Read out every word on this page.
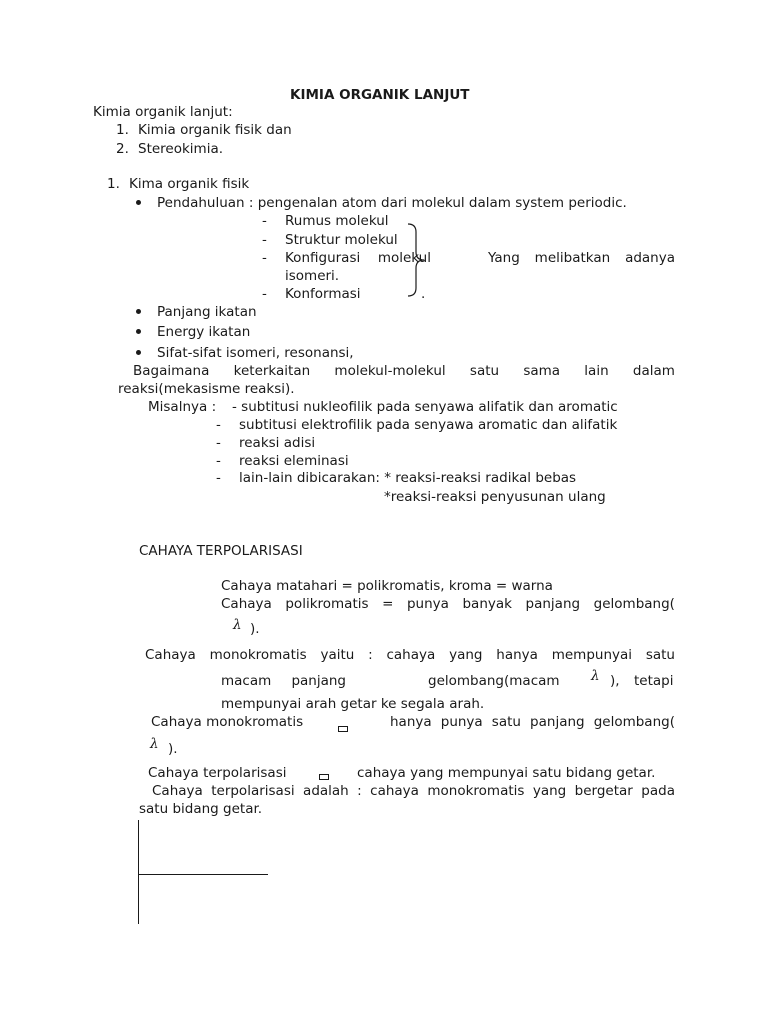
KIMIA ORGANIK LANJUT
Kimia organik lanjut:
1. Kimia organik fisik dan
2. Stereokimia.
1. Kima organik fisik
Pendahuluan : pengenalan atom dari molekul dalam system periodic.
- Rumus molekul
- Struktur molekul
- Konfigurasi molekul
isomeri.
- Konformasi
Yang melibatkan adanya
.
Panjang ikatan
Energy ikatan
Sifat-sifat isomeri, resonansi,
Bagaimana keterkaitan molekul-molekul satu sama lain dalam
reaksi(mekasisme reaksi).
Misalnya : - subtitusi nukleofilik pada senyawa alifatik dan aromatic
- subtitusi elektrofilik pada senyawa aromatic dan alifatik
- reaksi adisi
- reaksi eleminasi
- lain-lain dibicarakan: * reaksi-reaksi radikal bebas
*reaksi-reaksi penyusunan ulang
CAHAYA TERPOLARISASI
Cahaya matahari = polikromatis, kroma = warna
Cahaya polikromatis = punya banyak panjang gelombang(
λ ).
Cahaya monokromatis yaitu : cahaya yang hanya mempunyai satu
macam panjang	gelombang(macam λ ), tetapi
mempunyai arah getar ke segala arah.
Cahaya monokromatis	hanya punya satu panjang gelombang(
λ ).
Cahaya terpolarisasi	cahaya yang mempunyai satu bidang getar.
Cahaya terpolarisasi adalah : cahaya monokromatis yang bergetar pada
satu bidang getar.
